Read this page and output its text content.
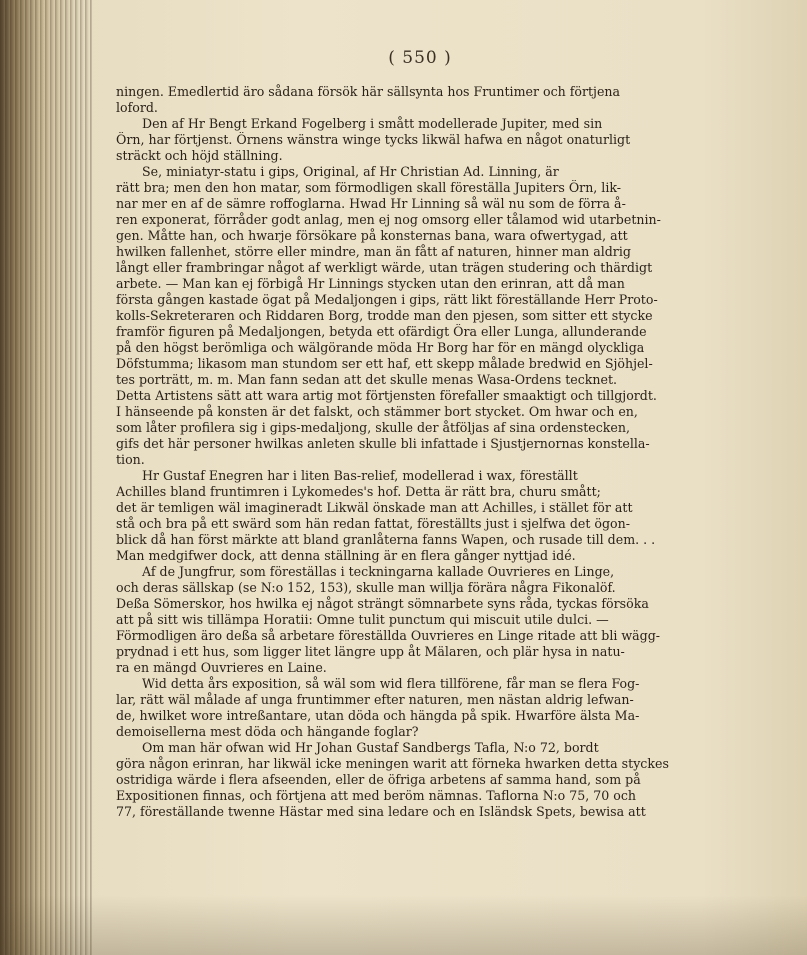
( 550 )
ningen. Emedlertid äro sådana försök här sällsynta hos Fruntimer och förtjena
loford.
Den af Hr Bengt Erkand Fogelberg i smått modellerade Jupiter, med sin
Örn, har förtjenst. Örnens wänstra winge tycks likwäl hafwa en något onaturligt
sträckt och höjd ställning.
Se, miniatyr-statu i gips, Original, af Hr Christian Ad. Linning, är
rätt bra; men den hon matar, som förmodligen skall föreställa Jupiters Örn, lik-
nar mer en af de sämre roffoglarna. Hwad Hr Linning så wäl nu som de förra å-
ren exponerat, förråder godt anlag, men ej nog omsorg eller tålamod wid utarbetnin-
gen. Måtte han, och hwarje försökare på konsternas bana, wara ofwertygad, att
hwilken fallenhet, större eller mindre, man än fått af naturen, hinner man aldrig
långt eller frambringar något af werkligt wärde, utan trägen studering och thärdigt
arbete. — Man kan ej förbigå Hr Linnings stycken utan den erinran, att då man
första gången kastade ögat på Medaljongen i gips, rätt likt föreställande Herr Proto-
kolls-Sekreteraren och Riddaren Borg, trodde man den pjesen, som sitter ett stycke
framför figuren på Medaljongen, betyda ett ofärdigt Öra eller Lunga, allunderande
på den högst berömliga och wälgörande möda Hr Borg har för en mängd olyckliga
Döfstumma; likasom man stundom ser ett haf, ett skepp målade bredwid en Sjöhjel-
tes porträtt, m. m. Man fann sedan att det skulle menas Wasa-Ordens tecknet.
Detta Artistens sätt att wara artig mot förtjensten förefaller smaaktigt och tillgjordt.
I hänseende på konsten är det falskt, och stämmer bort stycket. Om hwar och en,
som låter profilera sig i gips-medaljong, skulle der åtföljas af sina ordenstecken,
gifs det här personer hwilkas anleten skulle bli infattade i Sjustjernornas konstella-
tion.
Hr Gustaf Enegren har i liten Bas-relief, modellerad i wax, föreställt
Achilles bland fruntimren i Lykomedes's hof. Detta är rätt bra, churu smått;
det är temligen wäl imagineradt Likwäl önskade man att Achilles, i stället för att
stå och bra på ett swärd som hän redan fattat, föreställts just i sjelfwa det ögon-
blick då han först märkte att bland granlåterna fanns Wapen, och rusade till dem. . .
Man medgifwer dock, att denna ställning är en flera gånger nyttjad idé.
Af de Jungfrur, som föreställas i teckningarna kallade Ouvrieres en Linge,
och deras sällskap (se N:o 152, 153), skulle man willja förära några Fikonalöf.
Deßa Sömerskor, hos hwilka ej något strängt sömnarbete syns råda, tyckas försöka
att på sitt wis tillämpa Horatii: Omne tulit punctum qui miscuit utile dulci. —
Förmodligen äro deßa så arbetare föreställda Ouvrieres en Linge ritade att bli wägg-
prydnad i ett hus, som ligger litet längre upp åt Mälaren, och plär hysa in natu-
ra en mängd Ouvrieres en Laine.
Wid detta års exposition, så wäl som wid flera tillförene, får man se flera Fog-
lar, rätt wäl målade af unga fruntimmer efter naturen, men nästan aldrig lefwan-
de, hwilket wore intreßantare, utan döda och hängda på spik. Hwarföre älsta Ma-
demoisellerna mest döda och hängande foglar?
Om man här ofwan wid Hr Johan Gustaf Sandbergs Tafla, N:o 72, bordt
göra någon erinran, har likwäl icke meningen warit att förneka hwarken detta styckes
ostridiga wärde i flera afseenden, eller de öfriga arbetens af samma hand, som på
Expositionen finnas, och förtjena att med beröm nämnas. Taflorna N:o 75, 70 och
77, föreställande twenne Hästar med sina ledare och en Isländsk Spets, bewisa att
